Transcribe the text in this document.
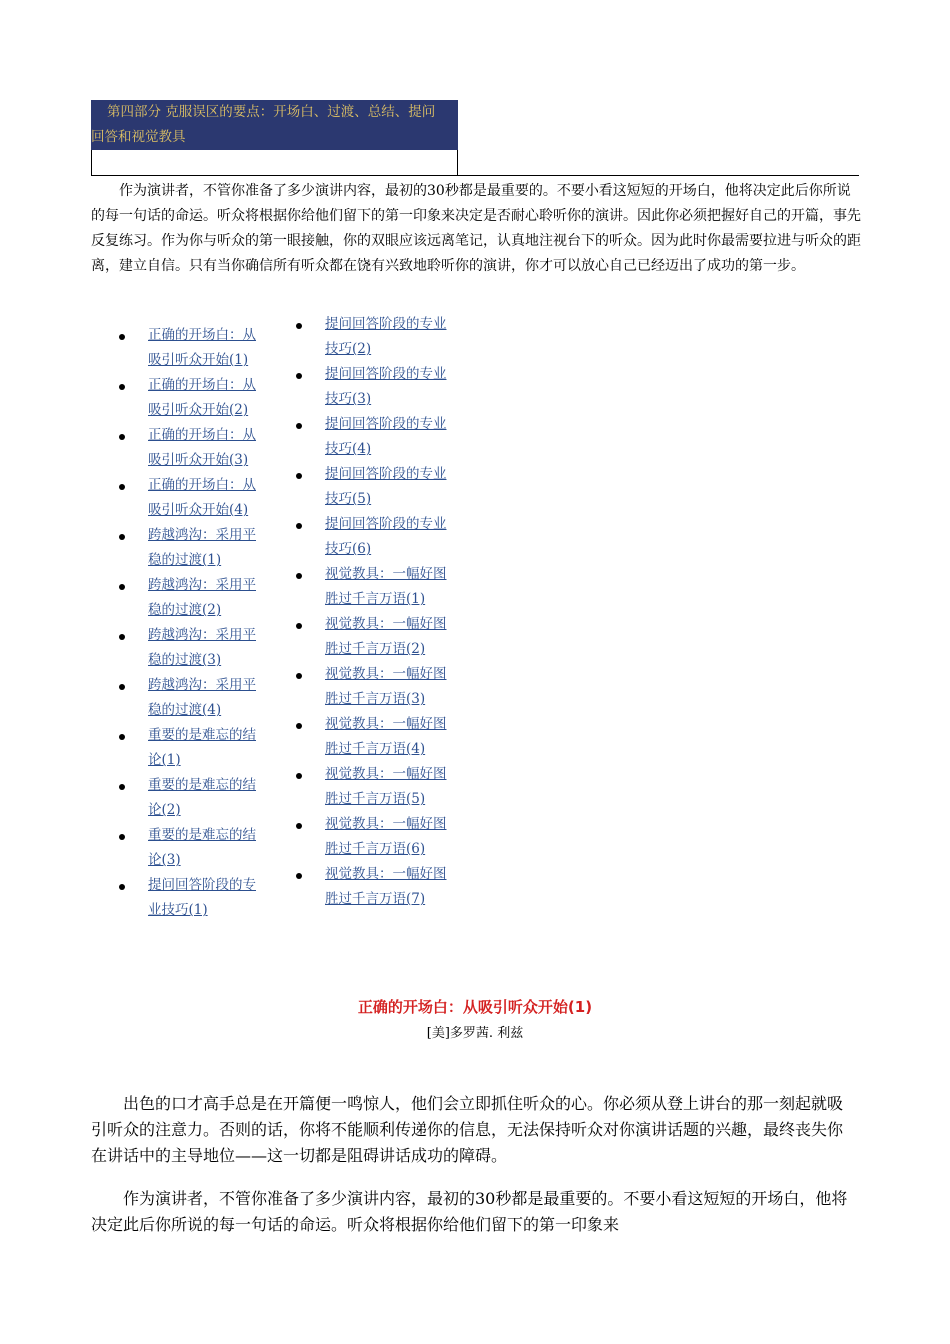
第四部分 克服误区的要点：开场白、过渡、总结、提问
回答和视觉教具

作为演讲者，不管你准备了多少演讲内容，最初的30秒都是最重要的。不要小看这短短的开场白，他将决定此后你所说的每一句话的命运。听众将根据你给他们留下的第一印象来决定是否耐心聆听你的演讲。因此你必须把握好自己的开篇，事先反复练习。作为你与听众的第一眼接触，你的双眼应该远离笔记，认真地注视台下的听众。因为此时你最需要拉进与听众的距离，建立自信。只有当你确信所有听众都在饶有兴致地聆听你的演讲，你才可以放心自己已经迈出了成功的第一步。

正确的开场白：从
吸引听众开始(1)
正确的开场白：从
吸引听众开始(2)
正确的开场白：从
吸引听众开始(3)
正确的开场白：从
吸引听众开始(4)
跨越鸿沟：采用平
稳的过渡(1)
跨越鸿沟：采用平
稳的过渡(2)
跨越鸿沟：采用平
稳的过渡(3)
跨越鸿沟：采用平
稳的过渡(4)
重要的是难忘的结
论(1)
重要的是难忘的结
论(2)
重要的是难忘的结
论(3)
提问回答阶段的专
业技巧(1)
提问回答阶段的专业
技巧(2)
提问回答阶段的专业
技巧(3)
提问回答阶段的专业
技巧(4)
提问回答阶段的专业
技巧(5)
提问回答阶段的专业
技巧(6)
视觉教具：一幅好图
胜过千言万语(1)
视觉教具：一幅好图
胜过千言万语(2)
视觉教具：一幅好图
胜过千言万语(3)
视觉教具：一幅好图
胜过千言万语(4)
视觉教具：一幅好图
胜过千言万语(5)
视觉教具：一幅好图
胜过千言万语(6)
视觉教具：一幅好图
胜过千言万语(7)
正确的开场白：从吸引听众开始(1)
[美]多罗茜. 利兹

出色的口才高手总是在开篇便一鸣惊人，他们会立即抓住听众的心。你必须从登上讲台的那一刻起就吸引听众的注意力。否则的话，你将不能顺利传递你的信息，无法保持听众对你演讲话题的兴趣，最终丧失你在讲话中的主导地位——这一切都是阻碍讲话成功的障碍。

作为演讲者，不管你准备了多少演讲内容，最初的30秒都是最重要的。不要小看这短短的开场白，他将决定此后你所说的每一句话的命运。听众将根据你给他们留下的第一印象来
